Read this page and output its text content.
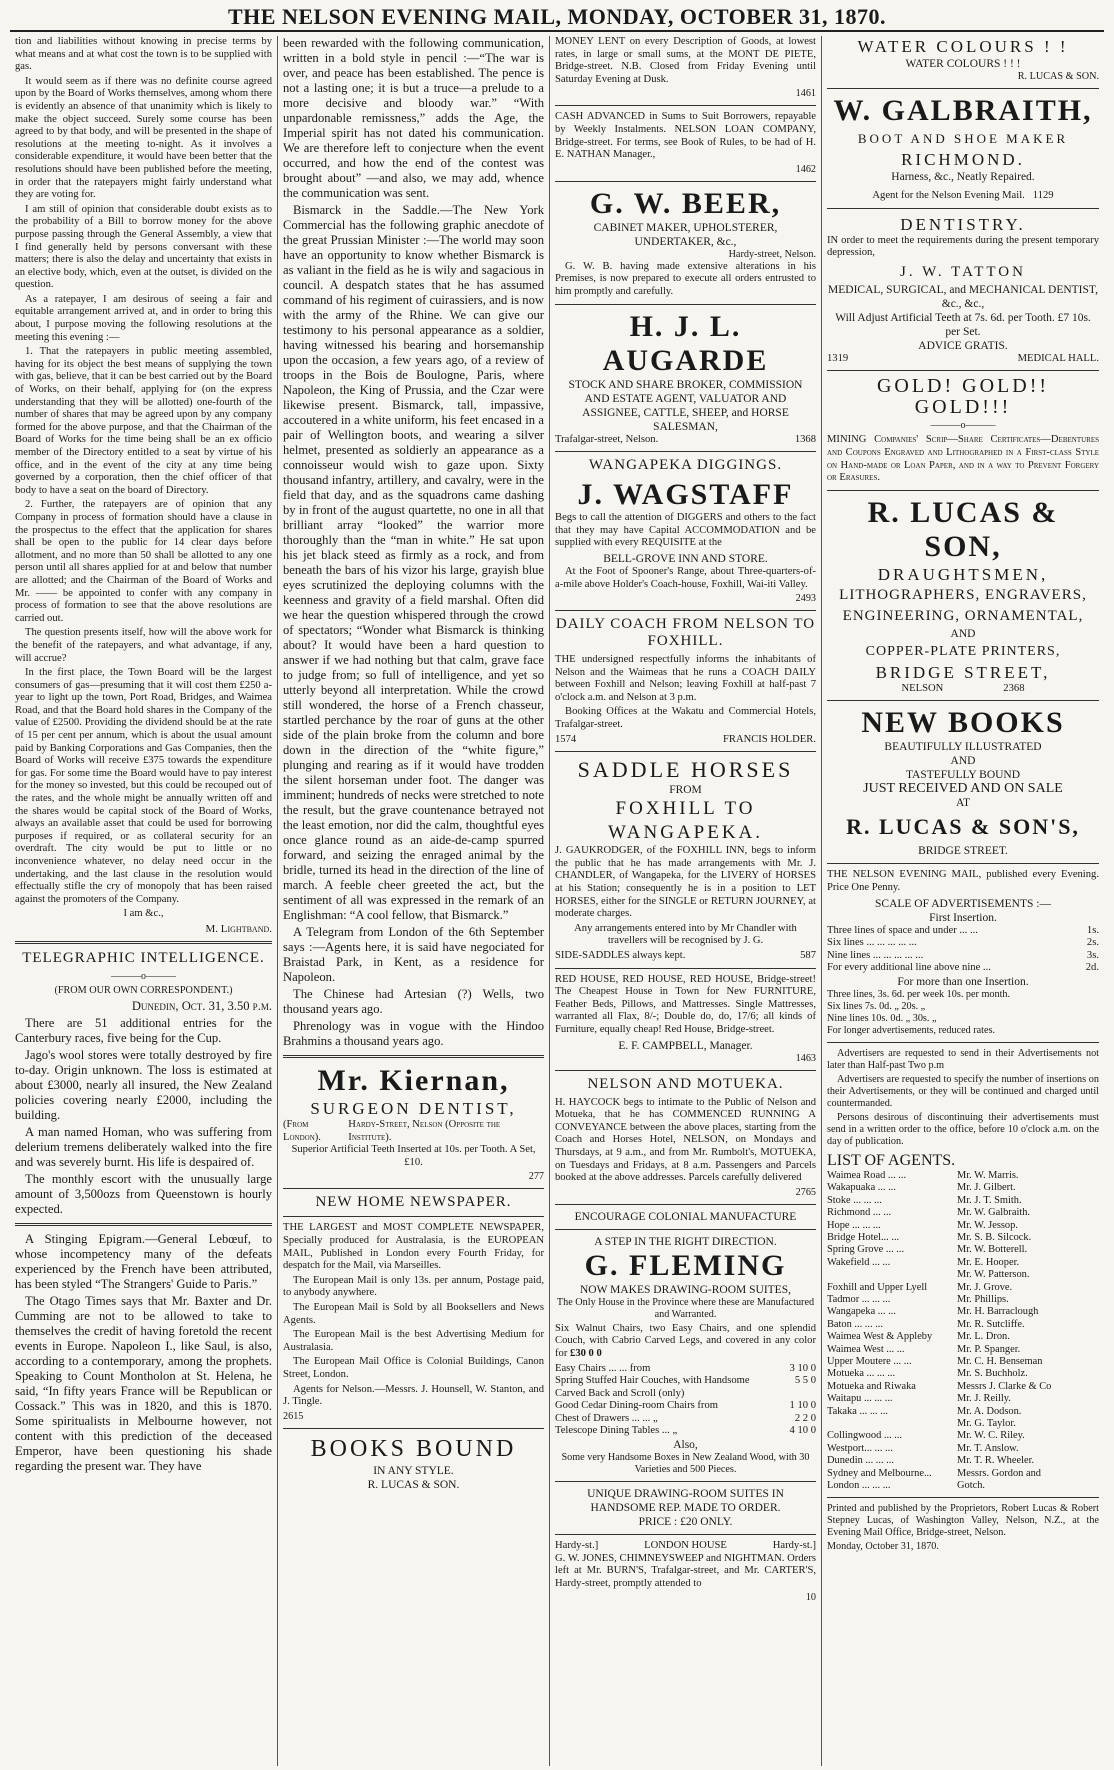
THE NELSON EVENING MAIL, MONDAY, OCTOBER 31, 1870.

tion and liabilities without knowing in precise terms by what means and at what cost the town is to be supplied with gas.

It would seem as if there was no definite course agreed upon by the Board of Works themselves, among whom there is evidently an absence of that unanimity which is likely to make the object succeed. Surely some course has been agreed to by that body, and will be presented in the shape of resolutions at the meeting to-night. As it involves a considerable expenditure, it would have been better that the resolutions should have been published before the meeting, in order that the ratepayers might fairly understand what they are voting for.

I am still of opinion that considerable doubt exists as to the probability of a Bill to borrow money for the above purpose passing through the General Assembly, a view that I find generally held by persons conversant with these matters; there is also the delay and uncertainty that exists in an elective body, which, even at the outset, is divided on the question.

As a ratepayer, I am desirous of seeing a fair and equitable arrangement arrived at, and in order to bring this about, I purpose moving the following resolutions at the meeting this evening :—

1. That the ratepayers in public meeting assembled, having for its object the best means of supplying the town with gas, believe, that it can be best carried out by the Board of Works, on their behalf, applying for (on the express understanding that they will be allotted) one-fourth of the number of shares that may be agreed upon by any company formed for the above purpose, and that the Chairman of the Board of Works for the time being shall be an ex officio member of the Directory entitled to a seat by virtue of his office, and in the event of the city at any time being governed by a corporation, then the chief officer of that body to have a seat on the board of Directory.

2. Further, the ratepayers are of opinion that any Company in process of formation should have a clause in the prospectus to the effect that the application for shares shall be open to the public for 14 clear days before allotment, and no more than 50 shall be allotted to any one person until all shares applied for at and below that number are allotted; and the Chairman of the Board of Works and Mr. —— be appointed to confer with any company in process of formation to see that the above resolutions are carried out.

The question presents itself, how will the above work for the benefit of the ratepayers, and what advantage, if any, will accrue?

In the first place, the Town Board will be the largest consumers of gas—presuming that it will cost them £250 a-year to light up the town, Port Road, Bridges, and Waimea Road, and that the Board hold shares in the Company of the value of £2500. Providing the dividend should be at the rate of 15 per cent per annum, which is about the usual amount paid by Banking Corporations and Gas Companies, then the Board of Works will receive £375 towards the expenditure for gas. For some time the Board would have to pay interest for the money so invested, but this could be recouped out of the rates, and the whole might be annually written off and the shares would be capital stock of the Board of Works, always an available asset that could be used for borrowing purposes if required, or as collateral security for an overdraft. The city would be put to little or no inconvenience whatever, no delay need occur in the undertaking, and the last clause in the resolution would effectually stifle the cry of monopoly that has been raised against the promoters of the Company.

I am &c.,

M. Lightband.
TELEGRAPHIC INTELLIGENCE.
———o———

(FROM OUR OWN CORRESPONDENT.)

Dunedin, Oct. 31, 3.50 p.m.

There are 51 additional entries for the Canterbury races, five being for the Cup.

Jago's wool stores were totally destroyed by fire to-day. Origin unknown. The loss is estimated at about £3000, nearly all insured, the New Zealand policies covering nearly £2000, including the building.

A man named Homan, who was suffering from delerium tremens deliberately walked into the fire and was severely burnt. His life is despaired of.

The monthly escort with the unusually large amount of 3,500ozs from Queenstown is hourly expected.

A Stinging Epigram.—General Lebœuf, to whose incompetency many of the defeats experienced by the French have been attributed, has been styled “The Strangers' Guide to Paris.”

The Otago Times says that Mr. Baxter and Dr. Cumming are not to be allowed to take to themselves the credit of having foretold the recent events in Europe. Napoleon I., like Saul, is also, according to a contemporary, among the prophets. Speaking to Count Montholon at St. Helena, he said, “In fifty years France will be Republican or Cossack.” This was in 1820, and this is 1870. Some spiritualists in Melbourne however, not content with this prediction of the deceased Emperor, have been questioning his shade regarding the present war. They have

been rewarded with the following communication, written in a bold style in pencil :—“The war is over, and peace has been established. The pence is not a lasting one; it is but a truce—a prelude to a more decisive and bloody war.” “With unpardonable remissness,” adds the Age, the Imperial spirit has not dated his communication. We are therefore left to conjecture when the event occurred, and how the end of the contest was brought about” —and also, we may add, whence the communication was sent.

Bismarck in the Saddle.—The New York Commercial has the following graphic anecdote of the great Prussian Minister :—The world may soon have an opportunity to know whether Bismarck is as valiant in the field as he is wily and sagacious in council. A despatch states that he has assumed command of his regiment of cuirassiers, and is now with the army of the Rhine. We can give our testimony to his personal appearance as a soldier, having witnessed his bearing and horsemanship upon the occasion, a few years ago, of a review of troops in the Bois de Boulogne, Paris, where Napoleon, the King of Prussia, and the Czar were likewise present. Bismarck, tall, impassive, accoutered in a white uniform, his feet encased in a pair of Wellington boots, and wearing a silver helmet, presented as soldierly an appearance as a connoisseur would wish to gaze upon. Sixty thousand infantry, artillery, and cavalry, were in the field that day, and as the squadrons came dashing by in front of the august quartette, no one in all that brilliant array “looked” the warrior more thoroughly than the “man in white.” He sat upon his jet black steed as firmly as a rock, and from beneath the bars of his vizor his large, grayish blue eyes scrutinized the deploying columns with the keenness and gravity of a field marshal. Often did we hear the question whispered through the crowd of spectators; “Wonder what Bismarck is thinking about? It would have been a hard question to answer if we had nothing but that calm, grave face to judge from; so full of intelligence, and yet so utterly beyond all interpretation. While the crowd still wondered, the horse of a French chasseur, startled perchance by the roar of guns at the other side of the plain broke from the column and bore down in the direction of the “white figure,” plunging and rearing as if it would have trodden the silent horseman under foot. The danger was imminent; hundreds of necks were stretched to note the result, but the grave countenance betrayed not the least emotion, nor did the calm, thoughtful eyes once glance round as an aide-de-camp spurred forward, and seizing the enraged animal by the bridle, turned its head in the direction of the line of march. A feeble cheer greeted the act, but the sentiment of all was expressed in the remark of an Englishman: “A cool fellow, that Bismarck.”

A Telegram from London of the 6th September says :—Agents here, it is said have negociated for Braistad Park, in Kent, as a residence for Napoleon.

The Chinese had Artesian (?) Wells, two thousand years ago.

Phrenology was in vogue with the Hindoo Brahmins a thousand years ago.

Mr. Kiernan,
SURGEON DENTIST,
(From London).
Hardy-Street, Nelson (Opposite the Institute).

Superior Artificial Teeth Inserted at 10s. per Tooth. A Set, £10.

277
NEW HOME NEWSPAPER.

THE LARGEST and MOST COMPLETE NEWSPAPER, Specially produced for Australasia, is the EUROPEAN MAIL, Published in London every Fourth Friday, for despatch for the Mail, via Marseilles.

The European Mail is only 13s. per annum, Postage paid, to anybody anywhere.

The European Mail is Sold by all Booksellers and News Agents.

The European Mail is the best Advertising Medium for Australasia.

The European Mail Office is Colonial Buildings, Canon Street, London.

Agents for Nelson.—Messrs. J. Hounsell, W. Stanton, and J. Tingle.

2615
BOOKS BOUND
IN ANY STYLE.
R. LUCAS & SON.

MONEY LENT on every Description of Goods, at lowest rates, in large or small sums, at the MONT DE PIETE, Bridge-street. N.B. Closed from Friday Evening until Saturday Evening at Dusk.

1461

CASH ADVANCED in Sums to Suit Borrowers, repayable by Weekly Instalments. NELSON LOAN COMPANY, Bridge-street. For terms, see Book of Rules, to be had of H. E. NATHAN Manager.,

1462
G. W. BEER,
CABINET MAKER, UPHOLSTERER, UNDERTAKER, &c.,
Hardy-street, Nelson.

G. W. B. having made extensive alterations in his Premises, is now prepared to execute all orders entrusted to him promptly and carefully.

H. J. L. AUGARDE
STOCK AND SHARE BROKER, COMMISSION AND ESTATE AGENT, VALUATOR AND ASSIGNEE, CATTLE, SHEEP, and HORSE SALESMAN,
Trafalgar-street, Nelson.	1368
WANGAPEKA DIGGINGS.
J. WAGSTAFF

Begs to call the attention of DIGGERS and others to the fact that they may have Capital ACCOMMODATION and be supplied with every REQUISITE at the

BELL-GROVE INN AND STORE.

At the Foot of Spooner's Range, about Three-quarters-of-a-mile above Holder's Coach-house, Foxhill, Wai-iti Valley.

2493
DAILY COACH FROM NELSON TO FOXHILL.

THE undersigned respectfully informs the inhabitants of Nelson and the Waimeas that he runs a COACH DAILY between Foxhill and Nelson; leaving Foxhill at half-past 7 o'clock a.m. and Nelson at 3 p.m.

Booking Offices at the Wakatu and Commercial Hotels, Trafalgar-street.

1574	FRANCIS HOLDER.
SADDLE HORSES
FROM
FOXHILL TO WANGAPEKA.

J. GAUKRODGER, of the FOXHILL INN, begs to inform the public that he has made arrangements with Mr. J. CHANDLER, of Wangapeka, for the LIVERY of HORSES at his Station; consequently he is in a position to LET HORSES, either for the SINGLE or RETURN JOURNEY, at moderate charges.

Any arrangements entered into by Mr Chandler with travellers will be recognised by J. G.

SIDE-SADDLES always kept.	587

RED HOUSE, RED HOUSE, RED HOUSE, Bridge-street! The Cheapest House in Town for New FURNITURE, Feather Beds, Pillows, and Mattresses. Single Mattresses, warranted all Flax, 8/-; Double do, do, 17/6; all kinds of Furniture, equally cheap! Red House, Bridge-street.

E. F. CAMPBELL, Manager.
1463
NELSON AND MOTUEKA.

H. HAYCOCK begs to intimate to the Public of Nelson and Motueka, that he has COMMENCED RUNNING A CONVEYANCE between the above places, starting from the Coach and Horses Hotel, NELSON, on Mondays and Thursdays, at 9 a.m., and from Mr. Rumbolt's, MOTUEKA, on Tuesdays and Fridays, at 8 a.m. Passengers and Parcels booked at the above addresses. Parcels carefully delivered

2765
ENCOURAGE COLONIAL MANUFACTURE
A STEP IN THE RIGHT DIRECTION.
G. FLEMING
NOW MAKES DRAWING-ROOM SUITES,

The Only House in the Province where these are Manufactured and Warranted.

Six Walnut Chairs, two Easy Chairs, and one splendid Couch, with Cabrio Carved Legs, and covered in any color for £30 0 0

Easy Chairs ... ... from	3 10 0
Spring Stuffed Hair Couches, with Handsome Carved Back and Scroll (only)
5 5 0
Good Cedar Dining-room Chairs from	1 10 0
Chest of Drawers ... ... „	2 2 0
Telescope Dining Tables ... „	4 10 0
Also,

Some very Handsome Boxes in New Zealand Wood, with 30 Varieties and 500 Pieces.

UNIQUE DRAWING-ROOM SUITES IN HANDSOME REP. MADE TO ORDER.
PRICE : £20 ONLY.
Hardy-st.]	LONDON HOUSE	Hardy-st.]

G. W. JONES, CHIMNEYSWEEP and NIGHTMAN. Orders left at Mr. BURN'S, Trafalgar-street, and Mr. CARTER'S, Hardy-street, promptly attended to

10
WATER COLOURS ! !
WATER COLOURS ! ! !
R. LUCAS & SON.
W. GALBRAITH,
BOOT AND SHOE MAKER
RICHMOND.
Harness, &c., Neatly Repaired.
Agent for the Nelson Evening Mail. 1129
DENTISTRY.

IN order to meet the requirements during the present temporary depression,

J. W. TATTON
MEDICAL, SURGICAL, and MECHANICAL DENTIST, &c., &c.,
Will Adjust Artificial Teeth at 7s. 6d. per Tooth. £7 10s. per Set.
ADVICE GRATIS.
1319	MEDICAL HALL.
GOLD! GOLD!! GOLD!!!
———o———

MINING Companies' Scrip—Share Certificates—Debentures and Coupons Engraved and Lithographed in a First-class Style on Hand-made or Loan Paper, and in a way to Prevent Forgery or Erasures.

R. LUCAS & SON,
DRAUGHTSMEN,
LITHOGRAPHERS, ENGRAVERS,
ENGINEERING, ORNAMENTAL,
AND
COPPER-PLATE PRINTERS,
BRIDGE STREET,
NELSON	2368
NEW BOOKS
BEAUTIFULLY ILLUSTRATED
AND
TASTEFULLY BOUND
JUST RECEIVED AND ON SALE
AT
R. LUCAS & SON'S,
BRIDGE STREET.

THE NELSON EVENING MAIL, published every Evening. Price One Penny.

SCALE OF ADVERTISEMENTS :—
First Insertion.
Three lines of space and under ... ...	1s.
Six lines ... ... ... ... ...	2s.
Nine lines ... ... ... ... ...	3s.
For every additional line above nine ...	2d.
For more than one Insertion.
Three lines, 3s. 6d. per week 10s. per month.
Six lines 7s. 0d. „ 20s. „
Nine lines 10s. 0d. „ 30s. „
For longer advertisements, reduced rates.

Advertisers are requested to send in their Advertisements not later than Half-past Two p.m

Advertisers are requested to specify the number of insertions on their Advertisements, or they will be continued and charged until countermanded.

Persons desirous of discontinuing their advertisements must send in a written order to the office, before 10 o'clock a.m. on the day of publication.

LIST OF AGENTS.
Waimea Road ... ...	Mr. W. Marris.
Wakapuaka ... ...	Mr. J. Gilbert.
Stoke ... ... ...	Mr. J. T. Smith.
Richmond ... ...	Mr. W. Galbraith.
Hope ... ... ...	Mr. W. Jessop.
Bridge Hotel... ...	Mr. S. B. Silcock.
Spring Grove ... ...	Mr. W. Botterell.
Wakefield ... ...	Mr. E. Hooper.
Mr. W. Patterson.
Foxhill and Upper Lyell	Mr. J. Grove.
Tadmor ... ... ...	Mr. Phillips.
Wangapeka ... ...	Mr. H. Barraclough
Baton ... ... ...	Mr. R. Sutcliffe.
Waimea West & Appleby	Mr. L. Dron.
Waimea West ... ...	Mr. P. Spanger.
Upper Moutere ... ...	Mr. C. H. Benseman
Motueka ... ... ...	Mr. S. Buchholz.
Motueka and Riwaka	Messrs J. Clarke & Co
Waitapu ... ... ...	Mr. J. Reilly.
Takaka ... ... ...	Mr. A. Dodson.
Mr. G. Taylor.
Collingwood ... ...	Mr. W. C. Riley.
Westport... ... ...	Mr. T. Anslow.
Dunedin ... ... ...	Mr. T. R. Wheeler.
Sydney and Melbourne...	Messrs. Gordon and
London ... ... ...	Gotch.

Printed and published by the Proprietors, Robert Lucas & Robert Stepney Lucas, of Washington Valley, Nelson, N.Z., at the Evening Mail Office, Bridge-street, Nelson.

Monday, October 31, 1870.
